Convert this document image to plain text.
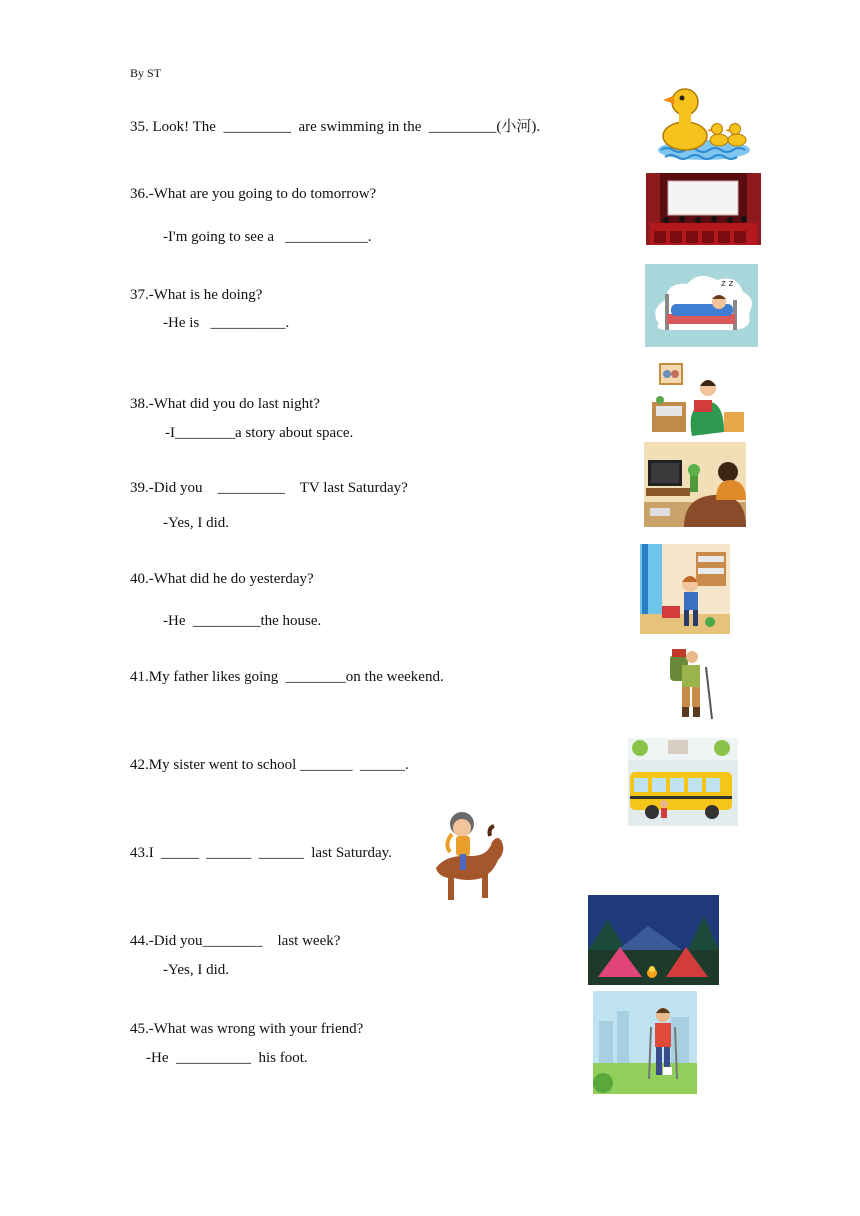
By ST
35. Look! The  _________  are swimming in the  _________(小河).
36.-What are you going to do tomorrow?
-I'm going to see a   ___________.
37.-What is he doing?
-He is   __________.
z z
38.-What did you do last night?
-I________a story about space.
39.-Did you    _________    TV last Saturday?
-Yes, I did.
40.-What did he do yesterday?
-He  _________the house.
41.My father likes going  ________on the weekend.
42.My sister went to school _______  ______.
43.I  _____  ______  ______  last Saturday.
44.-Did you________    last week?
-Yes, I did.
45.-What was wrong with your friend?
-He  __________  his foot.
